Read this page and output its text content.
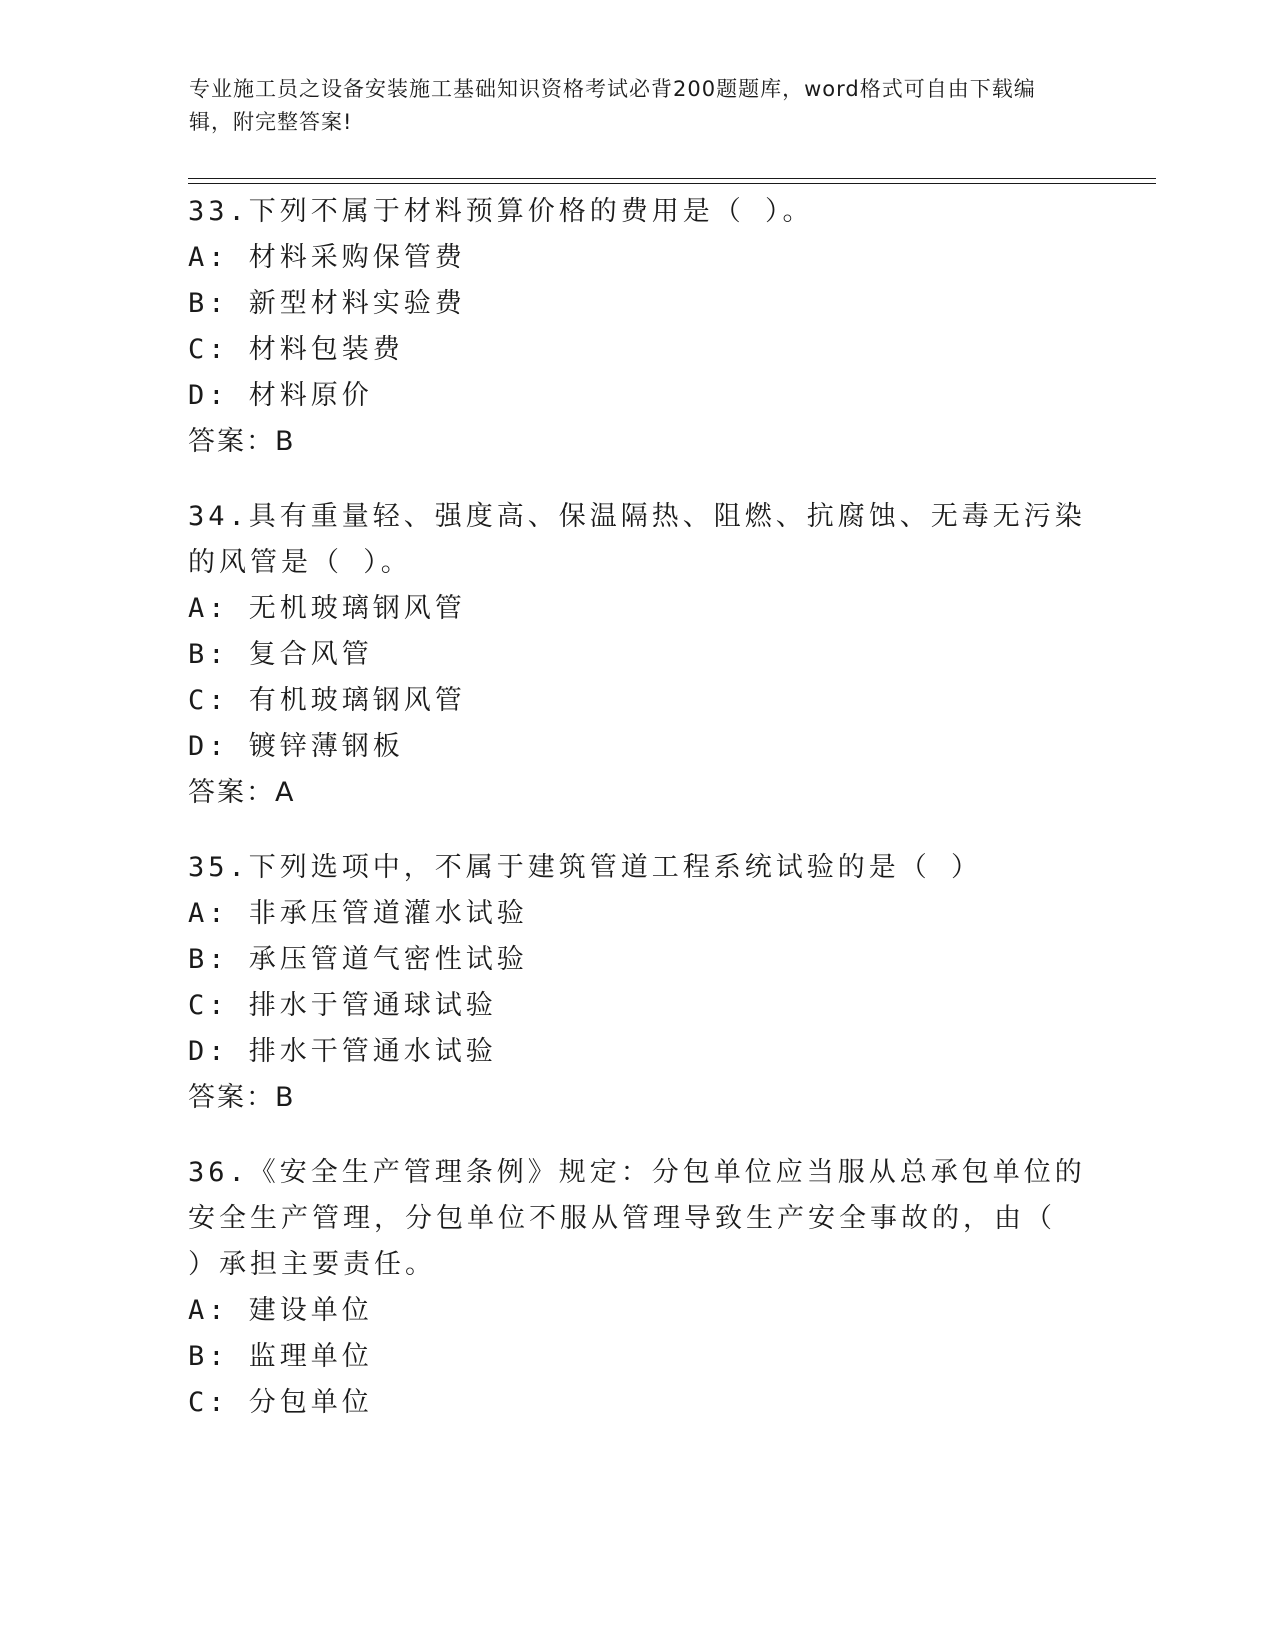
专业施工员之设备安装施工基础知识资格考试必背200题题库，word格式可自由下载编辑，附完整答案!
33.下列不属于材料预算价格的费用是（ ）。
A: 材料采购保管费
B: 新型材料实验费
C: 材料包装费
D: 材料原价
答案：B
34.具有重量轻、强度高、保温隔热、阻燃、抗腐蚀、无毒无污染的风管是（ ）。
A: 无机玻璃钢风管
B: 复合风管
C: 有机玻璃钢风管
D: 镀锌薄钢板
答案：A
35.下列选项中，不属于建筑管道工程系统试验的是（ ）
A: 非承压管道灌水试验
B: 承压管道气密性试验
C: 排水于管通球试验
D: 排水干管通水试验
答案：B
36.《安全生产管理条例》规定：分包单位应当服从总承包单位的安全生产管理，分包单位不服从管理导致生产安全事故的，由（ ）承担主要责任。
A: 建设单位
B: 监理单位
C: 分包单位
